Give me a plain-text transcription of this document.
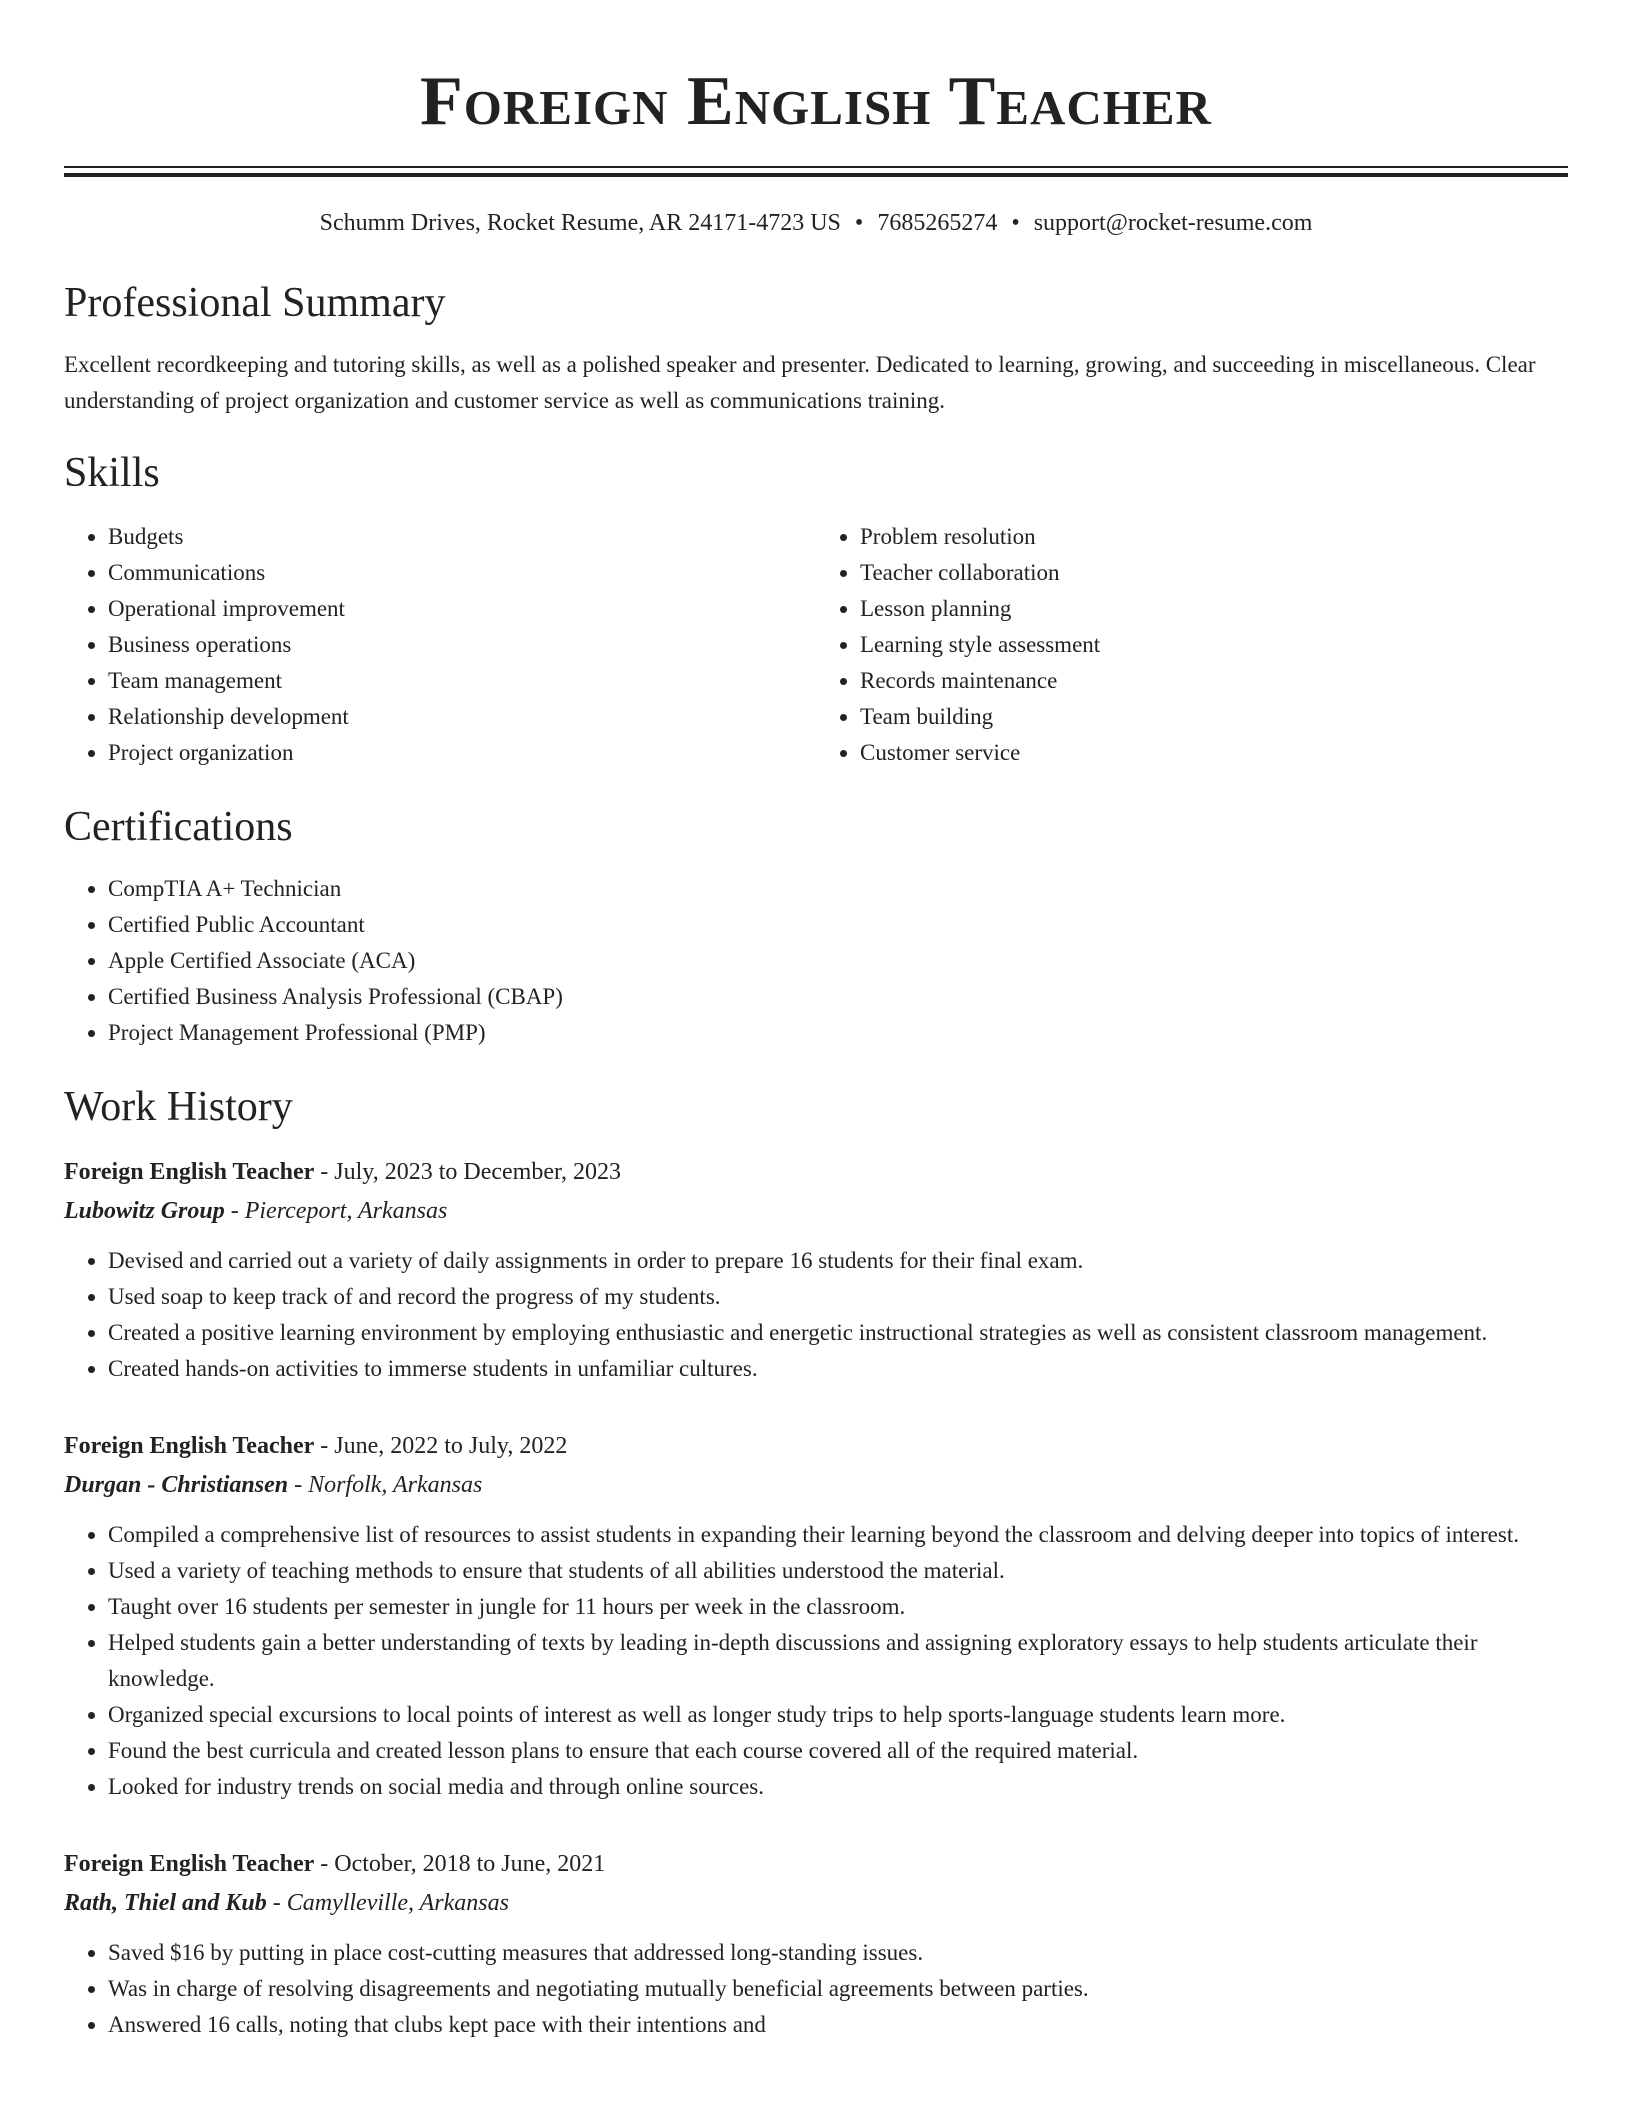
Foreign English Teacher
Schumm Drives, Rocket Resume, AR 24171-4723 US • 7685265274 • support@rocket-resume.com
Professional Summary

Excellent recordkeeping and tutoring skills, as well as a polished speaker and presenter. Dedicated to learning, growing, and succeeding in miscellaneous. Clear understanding of project organization and customer service as well as communications training.

Skills
• Budgets
• Communications
• Operational improvement
• Business operations
• Team management
• Relationship development
• Project organization
• Problem resolution
• Teacher collaboration
• Lesson planning
• Learning style assessment
• Records maintenance
• Team building
• Customer service
Certifications
• CompTIA A+ Technician
• Certified Public Accountant
• Apple Certified Associate (ACA)
• Certified Business Analysis Professional (CBAP)
• Project Management Professional (PMP)
Work History
Foreign English Teacher - July, 2023 to December, 2023
Lubowitz Group - Pierceport, Arkansas
• Devised and carried out a variety of daily assignments in order to prepare 16 students for their final exam.
• Used soap to keep track of and record the progress of my students.
• Created a positive learning environment by employing enthusiastic and energetic instructional strategies as well as consistent classroom management.
• Created hands-on activities to immerse students in unfamiliar cultures.
Foreign English Teacher - June, 2022 to July, 2022
Durgan - Christiansen - Norfolk, Arkansas
• Compiled a comprehensive list of resources to assist students in expanding their learning beyond the classroom and delving deeper into topics of interest.
• Used a variety of teaching methods to ensure that students of all abilities understood the material.
• Taught over 16 students per semester in jungle for 11 hours per week in the classroom.
• Helped students gain a better understanding of texts by leading in-depth discussions and assigning exploratory essays to help students articulate their knowledge.
• Organized special excursions to local points of interest as well as longer study trips to help sports-language students learn more.
• Found the best curricula and created lesson plans to ensure that each course covered all of the required material.
• Looked for industry trends on social media and through online sources.
Foreign English Teacher - October, 2018 to June, 2021
Rath, Thiel and Kub - Camylleville, Arkansas
• Saved $16 by putting in place cost-cutting measures that addressed long-standing issues.
• Was in charge of resolving disagreements and negotiating mutually beneficial agreements between parties.
• Answered 16 calls, noting that clubs kept pace with their intentions and
